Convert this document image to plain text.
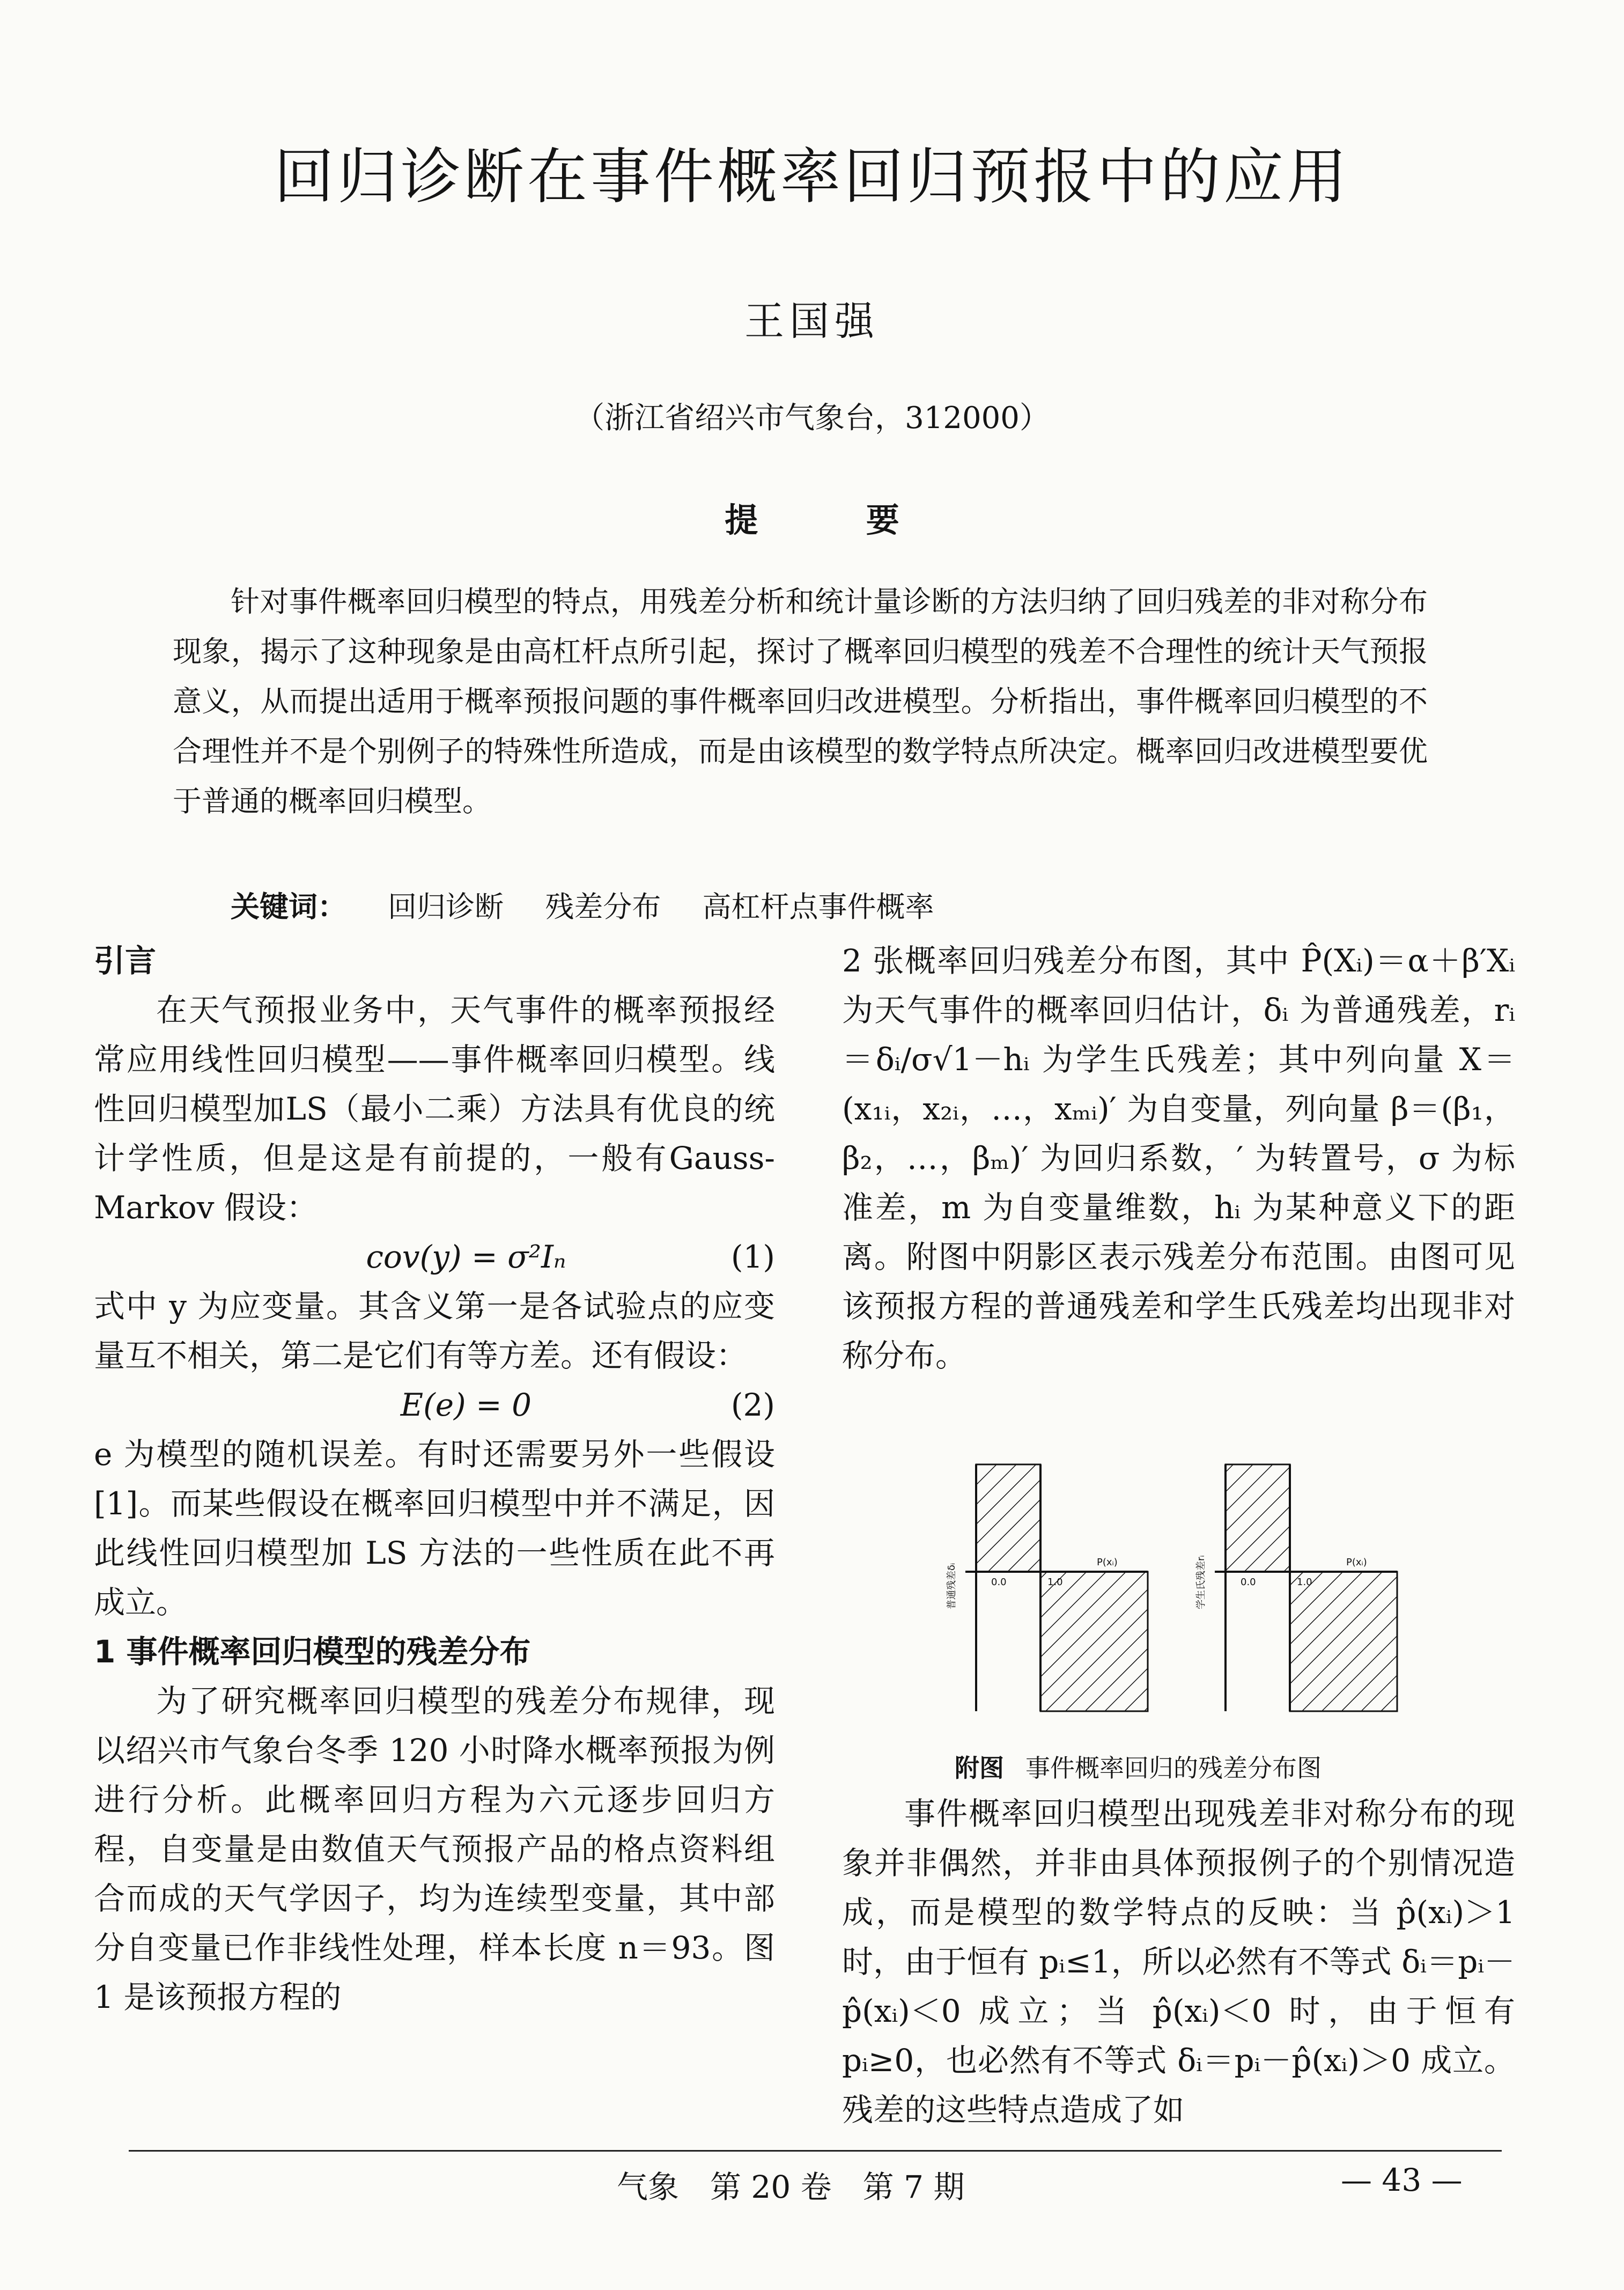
回归诊断在事件概率回归预报中的应用
王国强
（浙江省绍兴市气象台，312000）
提 要
针对事件概率回归模型的特点，用残差分析和统计量诊断的方法归纳了回归残差的非对称分布现象，揭示了这种现象是由高杠杆点所引起，探讨了概率回归模型的残差不合理性的统计天气预报意义，从而提出适用于概率预报问题的事件概率回归改进模型。分析指出，事件概率回归模型的不合理性并不是个别例子的特殊性所造成，而是由该模型的数学特点所决定。概率回归改进模型要优于普通的概率回归模型。
关键词： 回归诊断 残差分布 高杠杆点事件概率
引言

在天气预报业务中，天气事件的概率预报经常应用线性回归模型——事件概率回归模型。线性回归模型加LS（最小二乘）方法具有优良的统计学性质，但是这是有前提的，一般有Gauss-Markov 假设：

cov(y) = σ²Iₙ	(1)

式中 y 为应变量。其含义第一是各试验点的应变量互不相关，第二是它们有等方差。还有假设：

E(e) = 0	(2)

e 为模型的随机误差。有时还需要另外一些假设[1]。而某些假设在概率回归模型中并不满足，因此线性回归模型加 LS 方法的一些性质在此不再成立。

1 事件概率回归模型的残差分布

为了研究概率回归模型的残差分布规律，现以绍兴市气象台冬季 120 小时降水概率预报为例进行分析。此概率回归方程为六元逐步回归方程，自变量是由数值天气预报产品的格点资料组合而成的天气学因子，均为连续型变量，其中部分自变量已作非线性处理，样本长度 n＝93。图 1 是该预报方程的

2 张概率回归残差分布图，其中 P̂(Xᵢ)＝α＋β′Xᵢ 为天气事件的概率回归估计，δᵢ 为普通残差，rᵢ＝δᵢ/σ√1－hᵢ 为学生氏残差；其中列向量 X＝(x₁ᵢ，x₂ᵢ，…，xₘᵢ)′ 为自变量，列向量 β＝(β₁，β₂，…，βₘ)′ 为回归系数，′ 为转置号，σ 为标准差，m 为自变量维数，hᵢ 为某种意义下的距离。附图中阴影区表示残差分布范围。由图可见该预报方程的普通残差和学生氏残差均出现非对称分布。

0.0	1.0
P(xᵢ)
普通残差δᵢ	0.0	1.0
P(xᵢ)
学生氏残差rᵢ
附图 事件概率回归的残差分布图

事件概率回归模型出现残差非对称分布的现象并非偶然，并非由具体预报例子的个别情况造成，而是模型的数学特点的反映：当 p̂(xᵢ)＞1 时，由于恒有 pᵢ≤1，所以必然有不等式 δᵢ＝pᵢ－p̂(xᵢ)＜0 成立；当 p̂(xᵢ)＜0 时，由于恒有 pᵢ≥0，也必然有不等式 δᵢ＝pᵢ－p̂(xᵢ)＞0 成立。残差的这些特点造成了如

气象　第 20 卷　第 7 期	— 43 —
